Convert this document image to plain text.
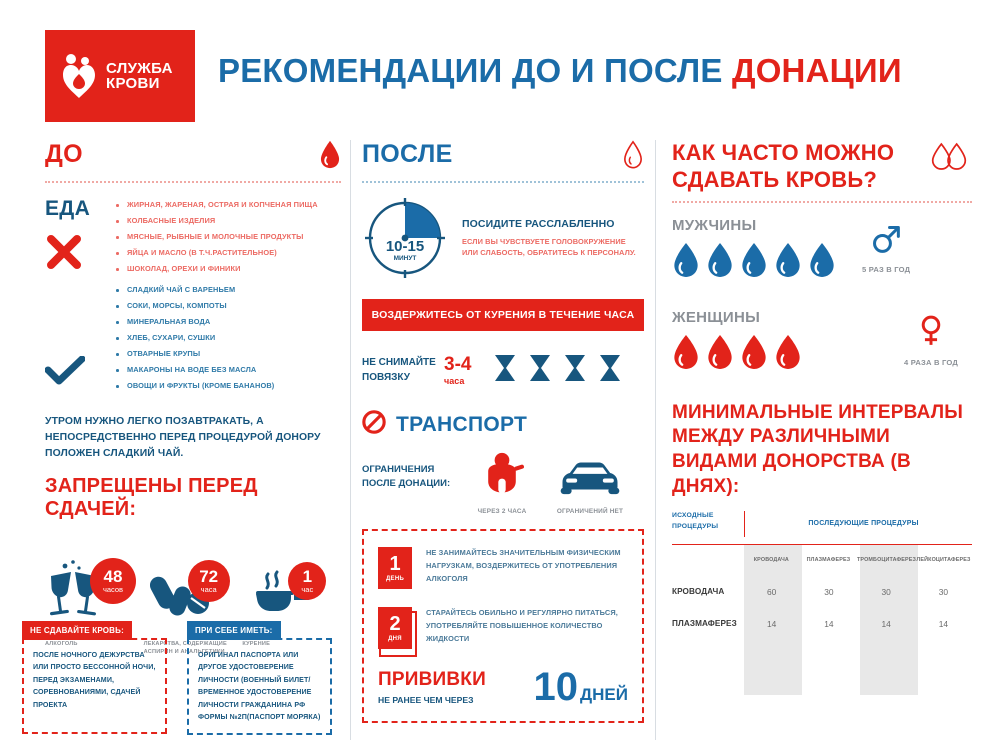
СЛУЖБА
КРОВИ	РЕКОМЕНДАЦИИ ДО И ПОСЛЕ ДОНАЦИИ
ДО
ЕДА	ЖИРНАЯ, ЖАРЕНАЯ, ОСТРАЯ И КОПЧЕНАЯ ПИЩА
КОЛБАСНЫЕ ИЗДЕЛИЯ
МЯСНЫЕ, РЫБНЫЕ И МОЛОЧНЫЕ ПРОДУКТЫ
ЯЙЦА И МАСЛО (В Т.Ч.РАСТИТЕЛЬНОЕ)
ШОКОЛАД, ОРЕХИ И ФИНИКИ
СЛАДКИЙ ЧАЙ С ВАРЕНЬЕМ
СОКИ, МОРСЫ, КОМПОТЫ
МИНЕРАЛЬНАЯ ВОДА
ХЛЕБ, СУХАРИ, СУШКИ
ОТВАРНЫЕ КРУПЫ
МАКАРОНЫ НА ВОДЕ БЕЗ МАСЛА
ОВОЩИ И ФРУКТЫ (КРОМЕ БАНАНОВ)
УТРОМ НУЖНО ЛЕГКО ПОЗАВТРАКАТЬ, А НЕПОСРЕДСТВЕННО ПЕРЕД ПРОЦЕДУРОЙ ДОНОРУ ПОЛОЖЕН СЛАДКИЙ ЧАЙ.
ЗАПРЕЩЕНЫ ПЕРЕД СДАЧЕЙ:
48
часов
АЛКОГОЛЬ
72
часа
ЛЕКАРСТВА, СОДЕРЖАЩИЕ АСПИРИН И АНАЛЬГЕТИКИ.
1
час
КУРЕНИЕ
НЕ СДАВАЙТЕ КРОВЬ:
ПОСЛЕ НОЧНОГО ДЕЖУРСТВА ИЛИ ПРОСТО БЕССОННОЙ НОЧИ, ПЕРЕД ЭКЗАМЕНАМИ, СОРЕВНОВАНИЯМИ, СДАЧЕЙ ПРОЕКТА
ПРИ СЕБЕ ИМЕТЬ:
ОРИГИНАЛ ПАСПОРТА ИЛИ ДРУГОЕ УДОСТОВЕРЕНИЕ ЛИЧНОСТИ (ВОЕННЫЙ БИЛЕТ/ ВРЕМЕННОЕ УДОСТОВЕРЕНИЕ ЛИЧНОСТИ ГРАЖДАНИНА РФ ФОРМЫ №2П(ПАСПОРТ МОРЯКА)
ПОСЛЕ
10-15
МИНУТ
ПОСИДИТЕ РАССЛАБЛЕННО
ЕСЛИ ВЫ ЧУВСТВУЕТЕ ГОЛОВОКРУЖЕНИЕ ИЛИ СЛАБОСТЬ, ОБРАТИТЕСЬ К ПЕРСОНАЛУ.
ВОЗДЕРЖИТЕСЬ ОТ КУРЕНИЯ В ТЕЧЕНИЕ ЧАСА
НЕ СНИМАЙТЕ ПОВЯЗКУ
3-4
часа
ТРАНСПОРТ
ОГРАНИЧЕНИЯ ПОСЛЕ ДОНАЦИИ:
ЧЕРЕЗ 2 ЧАСА	ОГРАНИЧЕНИЙ НЕТ
1
ДЕНЬ
НЕ ЗАНИМАЙТЕСЬ ЗНАЧИТЕЛЬНЫМ ФИЗИЧЕСКИМ НАГРУЗКАМ, ВОЗДЕРЖИТЕСЬ ОТ УПОТРЕБЛЕНИЯ АЛКОГОЛЯ
2
ДНЯ
СТАРАЙТЕСЬ ОБИЛЬНО И РЕГУЛЯРНО ПИТАТЬСЯ, УПОТРЕБЛЯЙТЕ ПОВЫШЕННОЕ КОЛИЧЕСТВО ЖИДКОСТИ
ПРИВИВКИ
НЕ РАНЕЕ ЧЕМ ЧЕРЕЗ	10 ДНЕЙ
КАК ЧАСТО МОЖНО СДАВАТЬ КРОВЬ?
МУЖЧИНЫ
5 РАЗ В ГОД
ЖЕНЩИНЫ
4 РАЗА В ГОД
МИНИМАЛЬНЫЕ ИНТЕРВАЛЫ МЕЖДУ РАЗЛИЧНЫМИ ВИДАМИ ДОНОРСТВА (В ДНЯХ):
ИСХОДНЫЕ ПРОЦЕДУРЫ	ПОСЛЕДУЮЩИЕ ПРОЦЕДУРЫ
КРОВОДАЧА	ПЛАЗМАФЕРЕЗ	ТРОМБОЦИТАФЕРЕЗ ЛЕЙКОЦИТАФЕРЕЗ
КРОВОДАЧА	60	30	30	30
ПЛАЗМАФЕРЕЗ	14	14	14	14
